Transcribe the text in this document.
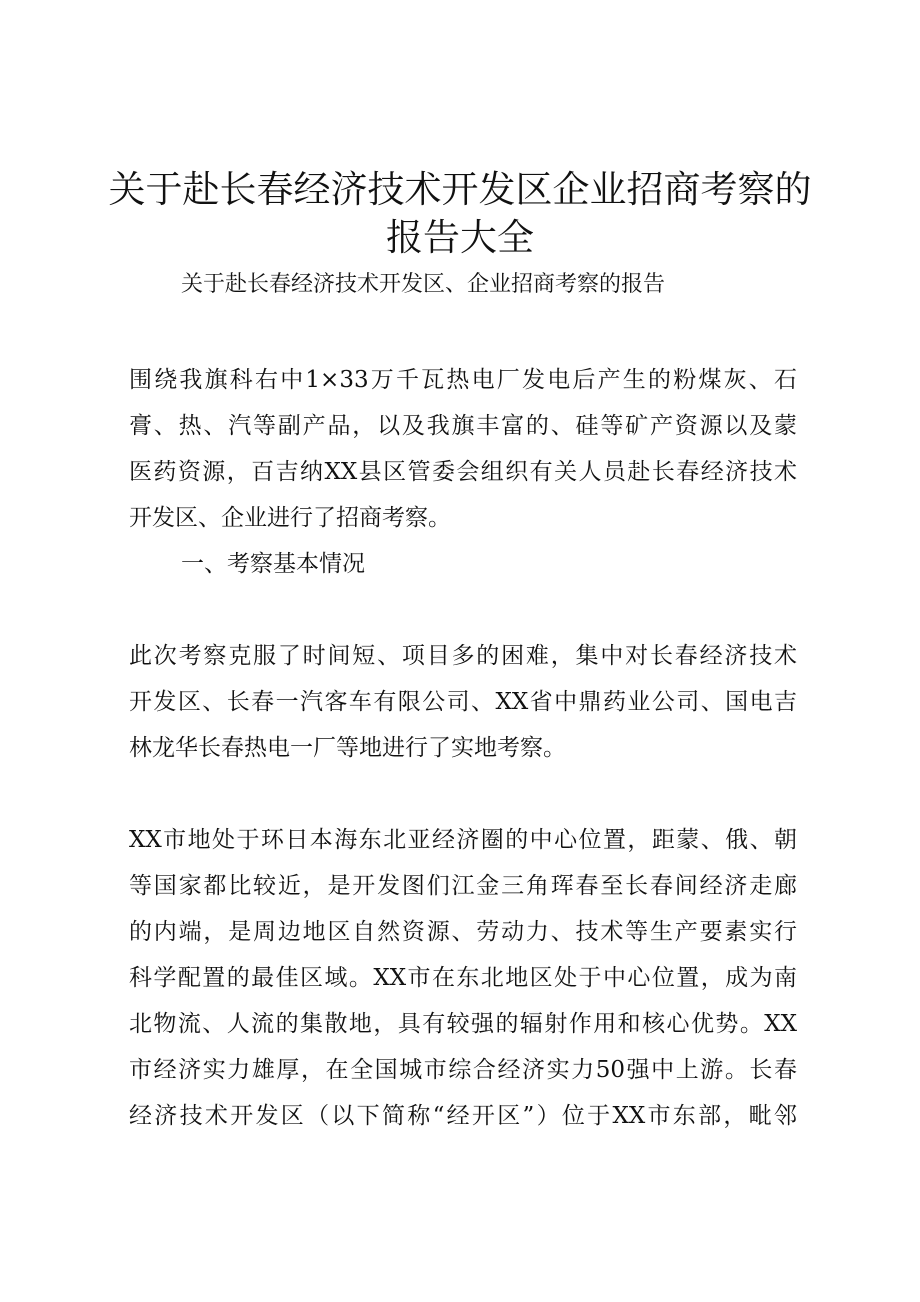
关于赴长春经济技术开发区企业招商考察的
报告大全

关于赴长春经济技术开发区、企业招商考察的报告

围绕我旗科右中1×33万千瓦热电厂发电后产生的粉煤灰、石

膏、热、汽等副产品，以及我旗丰富的、硅等矿产资源以及蒙

医药资源，百吉纳XX县区管委会组织有关人员赴长春经济技术

开发区、企业进行了招商考察。

一、考察基本情况

此次考察克服了时间短、项目多的困难，集中对长春经济技术

开发区、长春一汽客车有限公司、XX省中鼎药业公司、国电吉

林龙华长春热电一厂等地进行了实地考察。

XX市地处于环日本海东北亚经济圈的中心位置，距蒙、俄、朝

等国家都比较近，是开发图们江金三角珲春至长春间经济走廊

的内端，是周边地区自然资源、劳动力、技术等生产要素实行

科学配置的最佳区域。XX市在东北地区处于中心位置，成为南

北物流、人流的集散地，具有较强的辐射作用和核心优势。XX

市经济实力雄厚，在全国城市综合经济实力50强中上游。长春

经济技术开发区（以下简称“经开区”）位于XX市东部，毗邻
